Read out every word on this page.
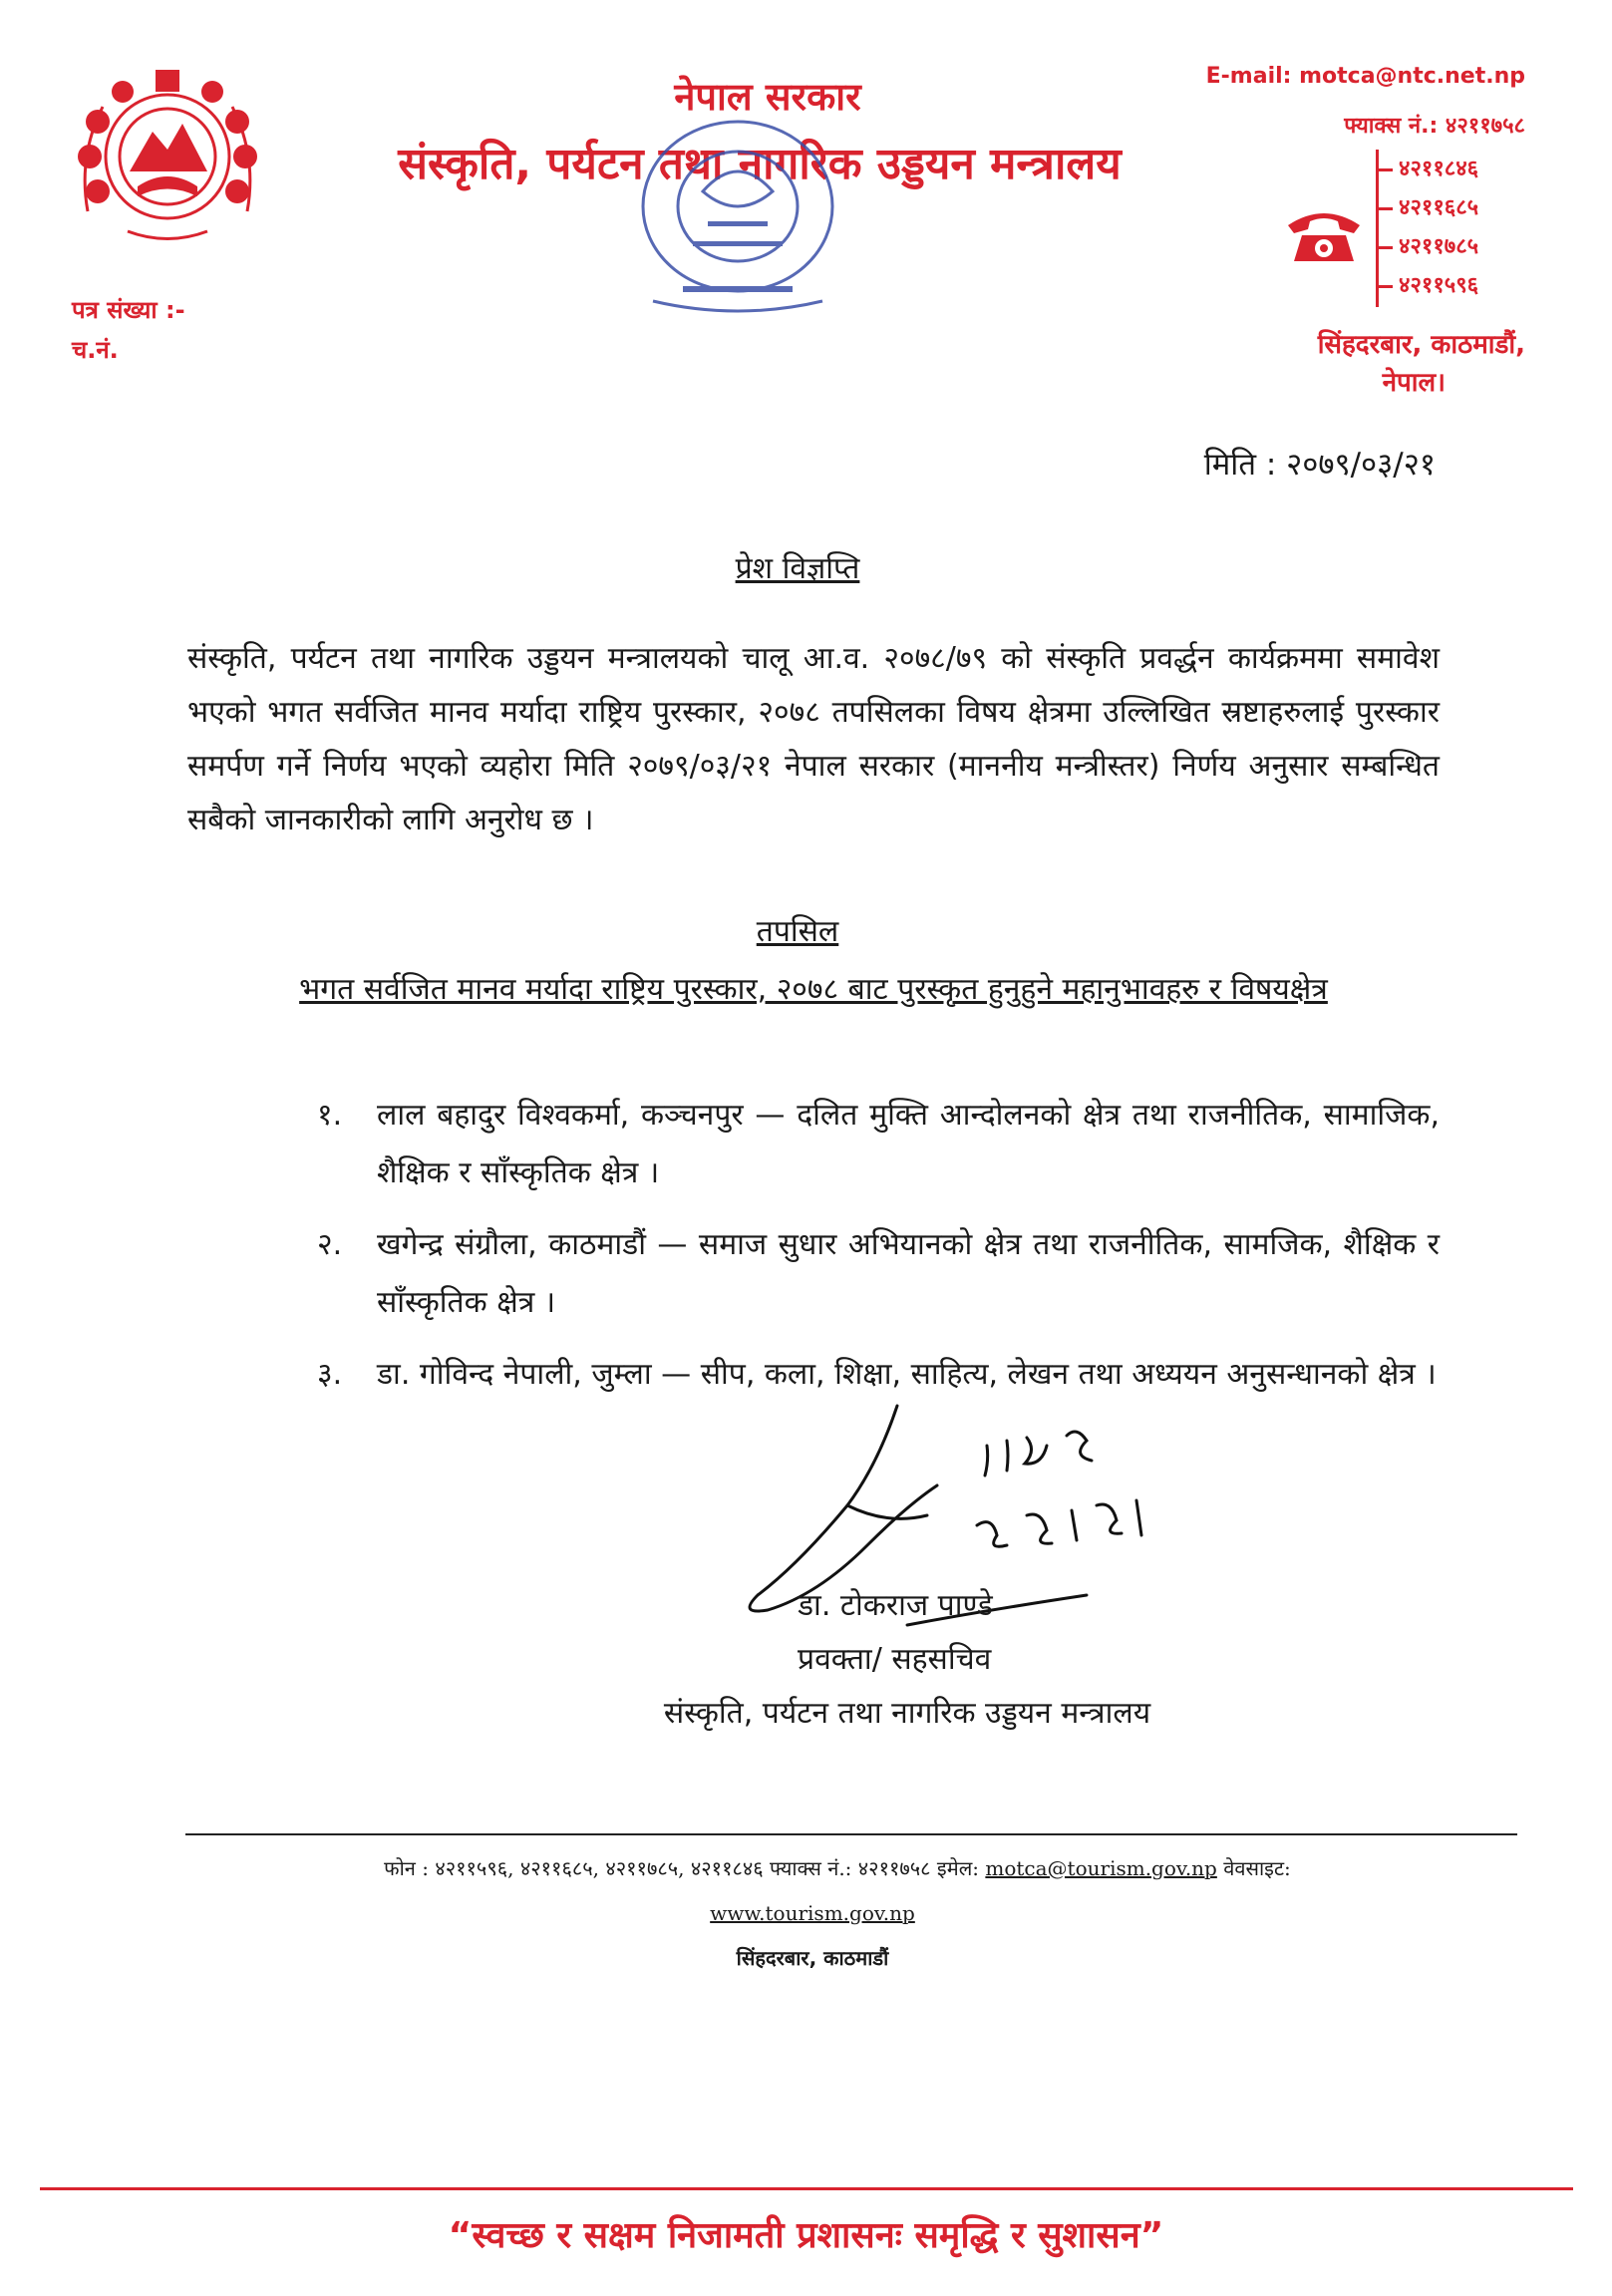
नेपाल सरकार
संस्कृति, पर्यटन तथा नागरिक उड्डयन मन्त्रालय
E-mail: motca@ntc.net.np
फ्याक्स नं.: ४२११७५८
४२११८४६
४२११६८५
४२११७८५
४२११५९६
सिंहदरबार, काठमाडौं,
नेपाल।
पत्र संख्या :-
च.नं.
मिति : २०७९/०३/२१
प्रेश विज्ञप्ति
संस्कृति, पर्यटन तथा नागरिक उड्डयन मन्त्रालयको चालू आ.व. २०७८/७९ को संस्कृति प्रवर्द्धन कार्यक्रममा समावेश भएको भगत सर्वजित मानव मर्यादा राष्ट्रिय पुरस्कार, २०७८ तपसिलका विषय क्षेत्रमा उल्लिखित स्रष्टाहरुलाई पुरस्कार समर्पण गर्ने निर्णय भएको व्यहोरा मिति २०७९/०३/२१ नेपाल सरकार (माननीय मन्त्रीस्तर) निर्णय अनुसार सम्बन्धित सबैको जानकारीको लागि अनुरोध छ ।
तपसिल
भगत सर्वजित मानव मर्यादा राष्ट्रिय पुरस्कार, २०७८ बाट पुरस्कृत हुनुहुने महानुभावहरु र विषयक्षेत्र
१. लाल बहादुर विश्वकर्मा, कञ्चनपुर — दलित मुक्ति आन्दोलनको क्षेत्र तथा राजनीतिक, सामाजिक, शैक्षिक र साँस्कृतिक क्षेत्र ।
२. खगेन्द्र संग्रौला, काठमाडौं — समाज सुधार अभियानको क्षेत्र तथा राजनीतिक, सामजिक, शैक्षिक र साँस्कृतिक क्षेत्र ।
३. डा. गोविन्द नेपाली, जुम्ला — सीप, कला, शिक्षा, साहित्य, लेखन तथा अध्ययन अनुसन्धानको क्षेत्र ।
डा. टोकराज पाण्डे
प्रवक्ता/ सहसचिव
संस्कृति, पर्यटन तथा नागरिक उड्डयन मन्त्रालय
फोन : ४२११५९६, ४२११६८५, ४२११७८५, ४२११८४६ फ्याक्स नं.: ४२११७५८ इमेल: motca@tourism.gov.np वेवसाइट:
www.tourism.gov.np
सिंहदरबार, काठमाडौं
“स्वच्छ र सक्षम निजामती प्रशासनः समृद्धि र सुशासन”
